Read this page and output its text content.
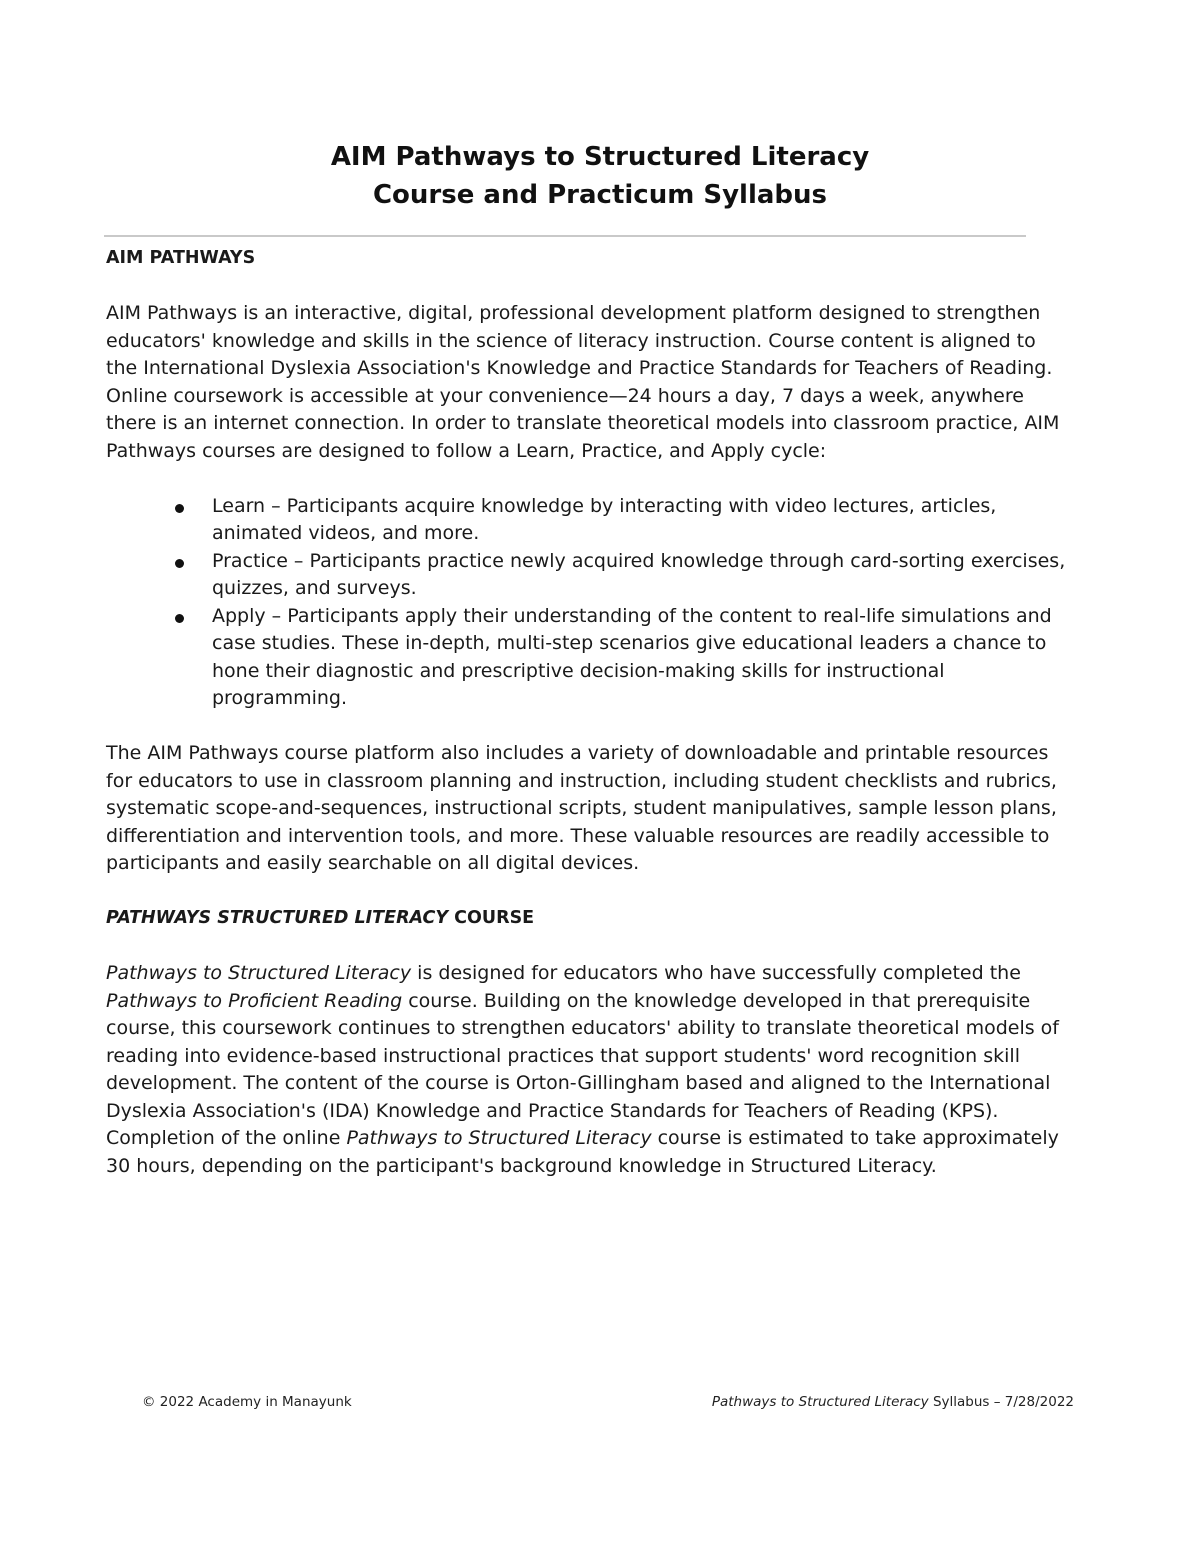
AIM Pathways to Structured Literacy
Course and Practicum Syllabus

AIM PATHWAYS

AIM Pathways is an interactive, digital, professional development platform designed to strengthen educators' knowledge and skills in the science of literacy instruction. Course content is aligned to the International Dyslexia Association's Knowledge and Practice Standards for Teachers of Reading. Online coursework is accessible at your convenience—24 hours a day, 7 days a week, anywhere there is an internet connection. In order to translate theoretical models into classroom practice, AIM Pathways courses are designed to follow a Learn, Practice, and Apply cycle:

Learn – Participants acquire knowledge by interacting with video lectures, articles, animated videos, and more.
Practice – Participants practice newly acquired knowledge through card-sorting exercises, quizzes, and surveys.
Apply – Participants apply their understanding of the content to real-life simulations and case studies. These in-depth, multi-step scenarios give educational leaders a chance to hone their diagnostic and prescriptive decision-making skills for instructional programming.

The AIM Pathways course platform also includes a variety of downloadable and printable resources for educators to use in classroom planning and instruction, including student checklists and rubrics, systematic scope-and-sequences, instructional scripts, student manipulatives, sample lesson plans, differentiation and intervention tools, and more. These valuable resources are readily accessible to participants and easily searchable on all digital devices.

PATHWAYS STRUCTURED LITERACY COURSE

Pathways to Structured Literacy is designed for educators who have successfully completed the Pathways to Proficient Reading course. Building on the knowledge developed in that prerequisite course, this coursework continues to strengthen educators' ability to translate theoretical models of reading into evidence-based instructional practices that support students' word recognition skill development. The content of the course is Orton-Gillingham based and aligned to the International Dyslexia Association's (IDA) Knowledge and Practice Standards for Teachers of Reading (KPS). Completion of the online Pathways to Structured Literacy course is estimated to take approximately 30 hours, depending on the participant's background knowledge in Structured Literacy.

© 2022 Academy in Manayunk	Pathways to Structured Literacy Syllabus – 7/28/2022
